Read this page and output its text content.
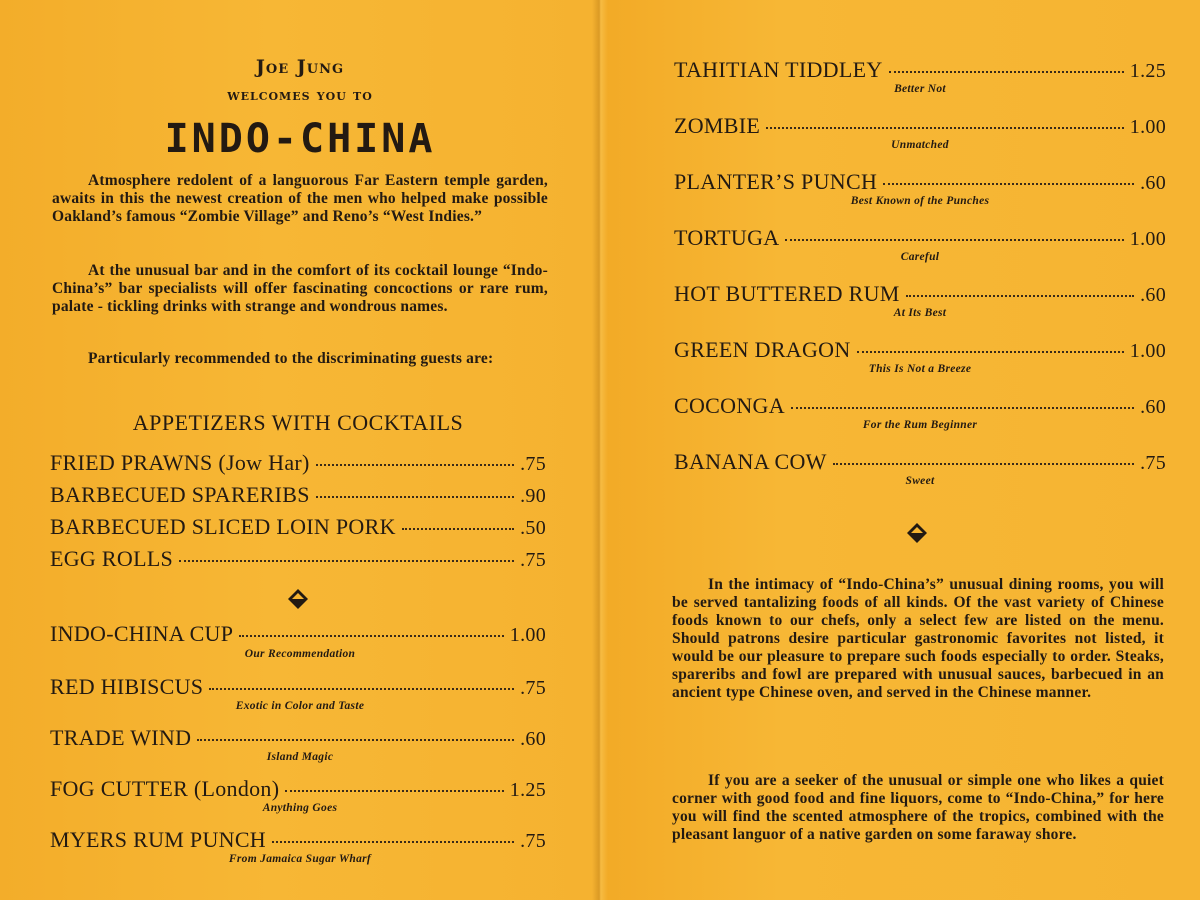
Joe Jung
welcomes you to
INDO-CHINA
Atmosphere redolent of a languorous Far Eastern temple garden, awaits in this the newest creation of the men who helped make possible Oakland’s famous “Zombie Village” and Reno’s “West Indies.”
At the unusual bar and in the comfort of its cocktail lounge “Indo-China’s” bar specialists will offer fascinating concoctions or rare rum, palate - tickling drinks with strange and wondrous names.
Particularly recommended to the discriminating guests are:
APPETIZERS WITH COCKTAILS
FRIED PRAWNS (Jow Har)	.75
BARBECUED SPARERIBS	.90
BARBECUED SLICED LOIN PORK	.50
EGG ROLLS	.75
INDO-CHINA CUP	1.00
Our Recommendation
RED HIBISCUS	.75
Exotic in Color and Taste
TRADE WIND	.60
Island Magic
FOG CUTTER (London)	1.25
Anything Goes
MYERS RUM PUNCH	.75
From Jamaica Sugar Wharf
TAHITIAN TIDDLEY	1.25
Better Not
ZOMBIE	1.00
Unmatched
PLANTER’S PUNCH	.60
Best Known of the Punches
TORTUGA	1.00
Careful
HOT BUTTERED RUM	.60
At Its Best
GREEN DRAGON	1.00
This Is Not a Breeze
COCONGA	.60
For the Rum Beginner
BANANA COW	.75
Sweet
In the intimacy of “Indo-China’s” unusual dining rooms, you will be served tantalizing foods of all kinds. Of the vast variety of Chinese foods known to our chefs, only a select few are listed on the menu. Should patrons desire particular gastronomic favorites not listed, it would be our pleasure to prepare such foods especially to order. Steaks, spareribs and fowl are prepared with unusual sauces, barbecued in an ancient type Chinese oven, and served in the Chinese manner.
If you are a seeker of the unusual or simple one who likes a quiet corner with good food and fine liquors, come to “Indo-China,” for here you will find the scented atmosphere of the tropics, combined with the pleasant languor of a native garden on some faraway shore.
